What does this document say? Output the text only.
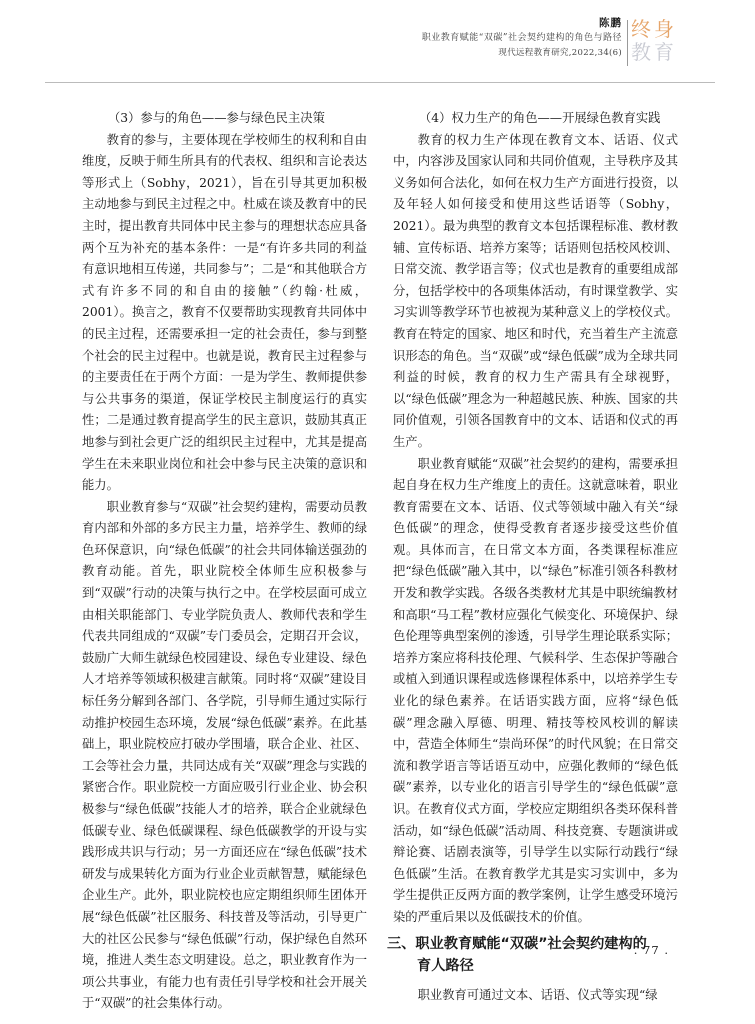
陈鹏
职业教育赋能“双碳”社会契约建构的角色与路径
现代远程教育研究,2022,34(6)
终身
教育

（3）参与的角色——参与绿色民主决策

教育的参与，主要体现在学校师生的权利和自由维度，反映于师生所具有的代表权、组织和言论表达等形式上（Sobhy，2021），旨在引导其更加积极主动地参与到民主过程之中。杜威在谈及教育中的民主时，提出教育共同体中民主参与的理想状态应具备两个互为补充的基本条件：一是“有许多共同的利益有意识地相互传递，共同参与”；二是“和其他联合方式有许多不同的和自由的接触”（约翰·杜威，2001）。换言之，教育不仅要帮助实现教育共同体中的民主过程，还需要承担一定的社会责任，参与到整个社会的民主过程中。也就是说，教育民主过程参与的主要责任在于两个方面：一是为学生、教师提供参与公共事务的渠道，保证学校民主制度运行的真实性；二是通过教育提高学生的民主意识，鼓励其真正地参与到社会更广泛的组织民主过程中，尤其是提高学生在未来职业岗位和社会中参与民主决策的意识和能力。

职业教育参与“双碳”社会契约建构，需要动员教育内部和外部的多方民主力量，培养学生、教师的绿色环保意识，向“绿色低碳”的社会共同体输送强劲的教育动能。首先，职业院校全体师生应积极参与到“双碳”行动的决策与执行之中。在学校层面可成立由相关职能部门、专业学院负责人、教师代表和学生代表共同组成的“双碳”专门委员会，定期召开会议，鼓励广大师生就绿色校园建设、绿色专业建设、绿色人才培养等领域积极建言献策。同时将“双碳”建设目标任务分解到各部门、各学院，引导师生通过实际行动推护校园生态环境，发展“绿色低碳”素养。在此基础上，职业院校应打破办学围墙，联合企业、社区、工会等社会力量，共同达成有关“双碳”理念与实践的紧密合作。职业院校一方面应吸引行业企业、协会积极参与“绿色低碳”技能人才的培养，联合企业就绿色低碳专业、绿色低碳课程、绿色低碳教学的开设与实践形成共识与行动；另一方面还应在“绿色低碳”技术研发与成果转化方面为行业企业贡献智慧，赋能绿色企业生产。此外，职业院校也应定期组织师生团体开展“绿色低碳”社区服务、科技普及等活动，引导更广大的社区公民参与“绿色低碳”行动，保护绿色自然环境，推进人类生态文明建设。总之，职业教育作为一项公共事业，有能力也有责任引导学校和社会开展关于“双碳”的社会集体行动。

（4）权力生产的角色——开展绿色教育实践

教育的权力生产体现在教育文本、话语、仪式中，内容涉及国家认同和共同价值观，主导秩序及其义务如何合法化，如何在权力生产方面进行投资，以及年轻人如何接受和使用这些话语等（Sobhy，2021）。最为典型的教育文本包括课程标准、教材教辅、宣传标语、培养方案等；话语则包括校风校训、日常交流、教学语言等；仪式也是教育的重要组成部分，包括学校中的各项集体活动，有时课堂教学、实习实训等教学环节也被视为某种意义上的学校仪式。教育在特定的国家、地区和时代，充当着生产主流意识形态的角色。当“双碳”或“绿色低碳”成为全球共同利益的时候，教育的权力生产需具有全球视野，以“绿色低碳”理念为一种超越民族、种族、国家的共同价值观，引领各国教育中的文本、话语和仪式的再生产。

职业教育赋能“双碳”社会契约的建构，需要承担起自身在权力生产维度上的责任。这就意味着，职业教育需要在文本、话语、仪式等领域中融入有关“绿色低碳”的理念，使得受教育者逐步接受这些价值观。具体而言，在日常文本方面，各类课程标准应把“绿色低碳”融入其中，以“绿色”标准引领各科教材开发和教学实践。各级各类教材尤其是中职统编教材和高职“马工程”教材应强化气候变化、环境保护、绿色伦理等典型案例的渗透，引导学生理论联系实际；培养方案应将科技伦理、气候科学、生态保护等融合或植入到通识课程或选修课程体系中，以培养学生专业化的绿色素养。在话语实践方面，应将“绿色低碳”理念融入厚德、明理、精技等校风校训的解读中，营造全体师生“崇尚环保”的时代风貌；在日常交流和教学语言等话语互动中，应强化教师的“绿色低碳”素养，以专业化的语言引导学生的“绿色低碳”意识。在教育仪式方面，学校应定期组织各类环保科普活动，如“绿色低碳”活动周、科技竞赛、专题演讲或辩论赛、话剧表演等，引导学生以实际行动践行“绿色低碳”生活。在教育教学尤其是实习实训中，多为学生提供正反两方面的教学案例，让学生感受环境污染的严重后果以及低碳技术的价值。

三、职业教育赋能“双碳”社会契约建构的
育人路径

职业教育可通过文本、话语、仪式等实现“绿

. 77 .
